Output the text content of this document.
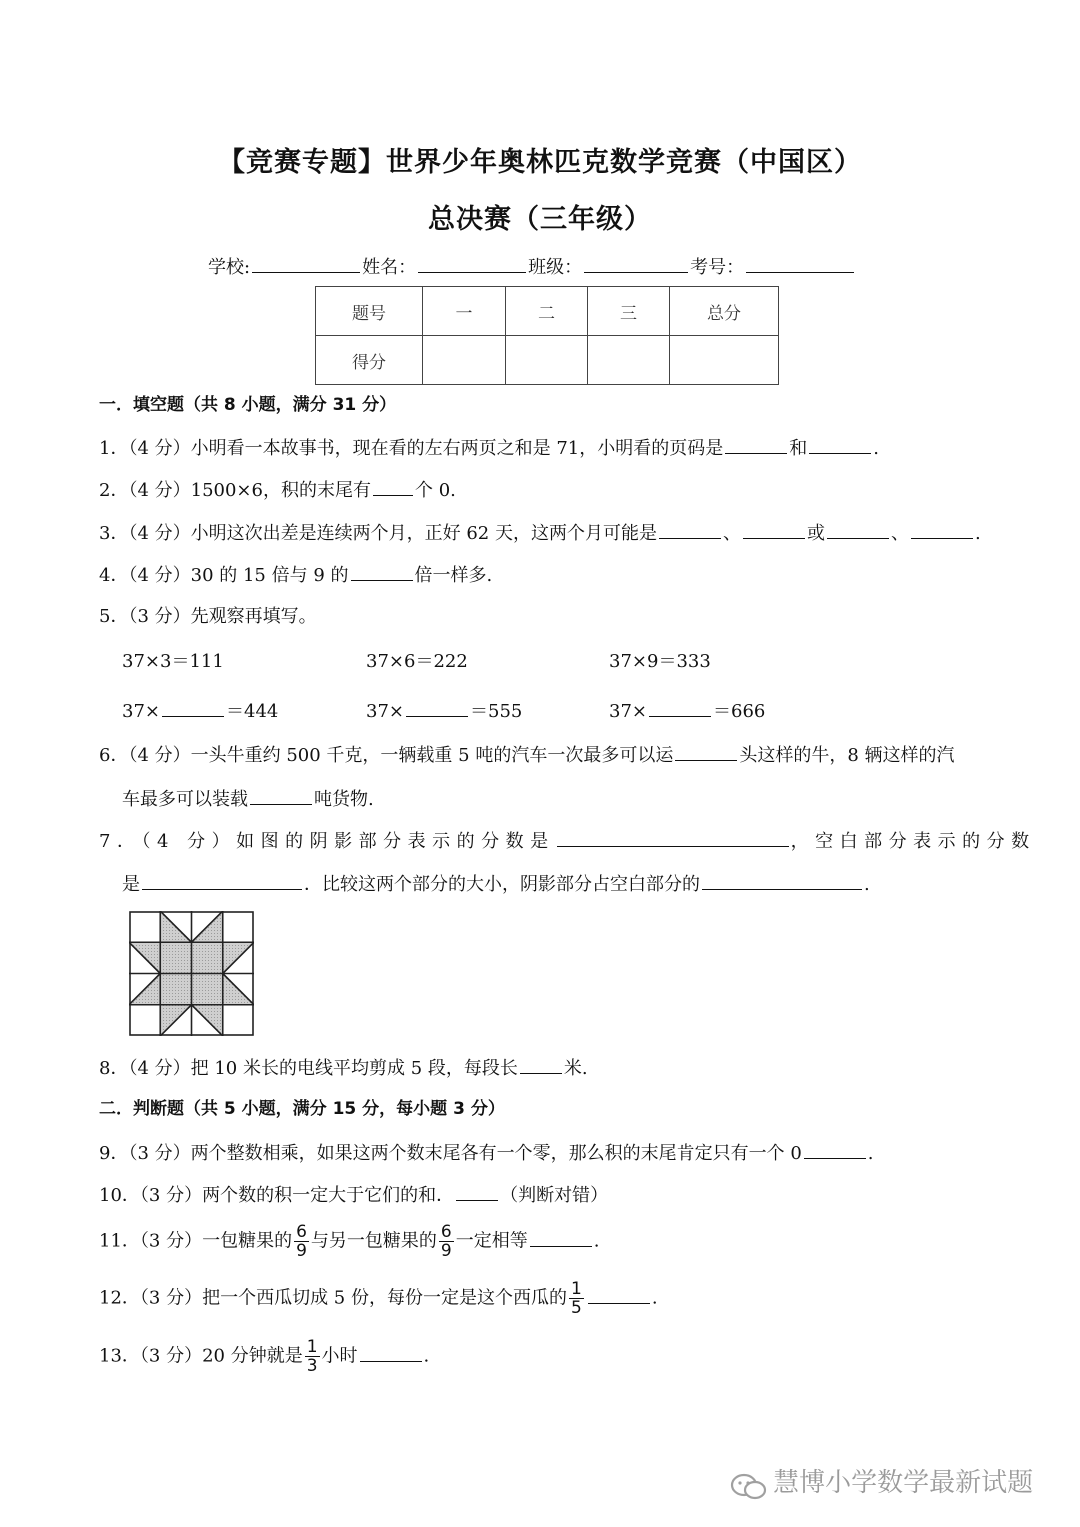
【竞赛专题】世界少年奥林匹克数学竞赛（中国区）
总决赛（三年级）
学校:	姓名：	班级：	考号：
题号	一	二	三	总分
得分				
一．填空题（共 8 小题，满分 31 分）
1．（4 分）小明看一本故事书，现在看的左右两页之和是 71，小明看的页码是	和	.
2．（4 分）1500×6，积的末尾有 个 0.
3．（4 分）小明这次出差是连续两个月，正好 62 天，这两个月可能是	、	或	、	.
4．（4 分）30 的 15 倍与 9 的	倍一样多.
5．（3 分）先观察再填写。
37×3＝111	37×6＝222	37×9＝333
37×	＝444	37×	＝555	37×	＝666
6．（4 分）一头牛重约 500 千克，一辆载重 5 吨的汽车一次最多可以运	头这样的牛，8 辆这样的汽
车最多可以装载	吨货物.
7．（4 分）如图的阴影部分表示的分数是	，空白部分表示的分数
是	．比较这两个部分的大小，阴影部分占空白部分的	.
8．（4 分）把 10 米长的电线平均剪成 5 段，每段长	米.
二．判断题（共 5 小题，满分 15 分，每小题 3 分）
9．（3 分）两个整数相乘，如果这两个数末尾各有一个零，那么积的末尾肯定只有一个 0	.
10．（3 分）两个数的积一定大于它们的和．	（判断对错）
11．（3 分）一包糖果的 $\frac{6}{9}$ 与另一包糖果的 $\frac{6}{9}$ 一定相等	.
12．（3 分）把一个西瓜切成 5 份，每份一定是这个西瓜的 $\frac{1}{5}$	.
13．（3 分）20 分钟就是 $\frac{1}{3}$ 小时	.
慧博小学数学最新试题
